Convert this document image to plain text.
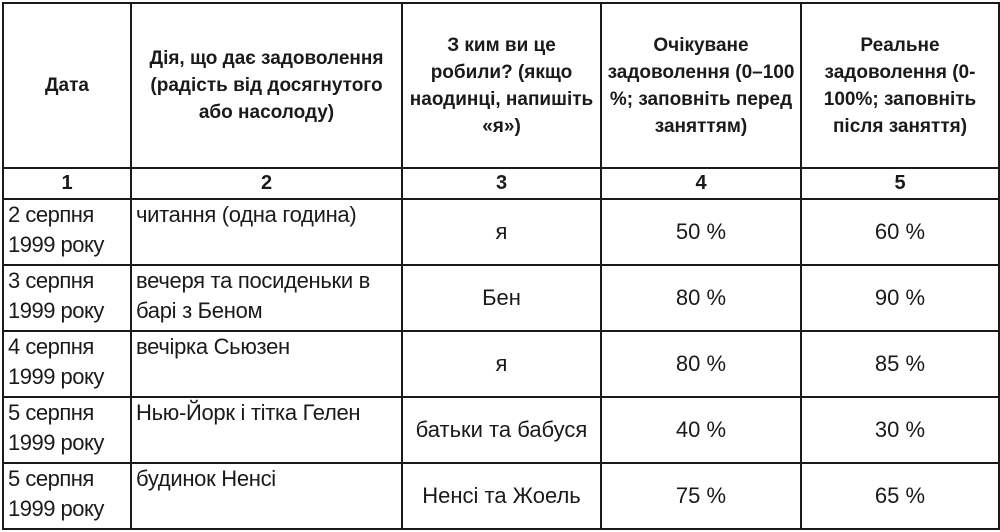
Дата	Дія, що дає задоволення (радість від досягнутого або насолоду)	З ким ви це робили? (якщо наодинці, напишіть «я»)	Очікуване задоволення (0–100 %; заповніть перед заняттям)	Реальне задоволення (0-100%; заповніть після заняття)
1	2	3	4	5
2 серпня 1999 року	читання (одна година)	я	50 %	60 %
3 серпня 1999 року	вечеря та посиденьки в барі з Беном	Бен	80 %	90 %
4 серпня 1999 року	вечірка Сьюзен	я	80 %	85 %
5 серпня 1999 року	Нью-Йорк і тітка Гелен	батьки та бабуся	40 %	30 %
5 серпня 1999 року	будинок Ненсі	Ненсі та Жоель	75 %	65 %
